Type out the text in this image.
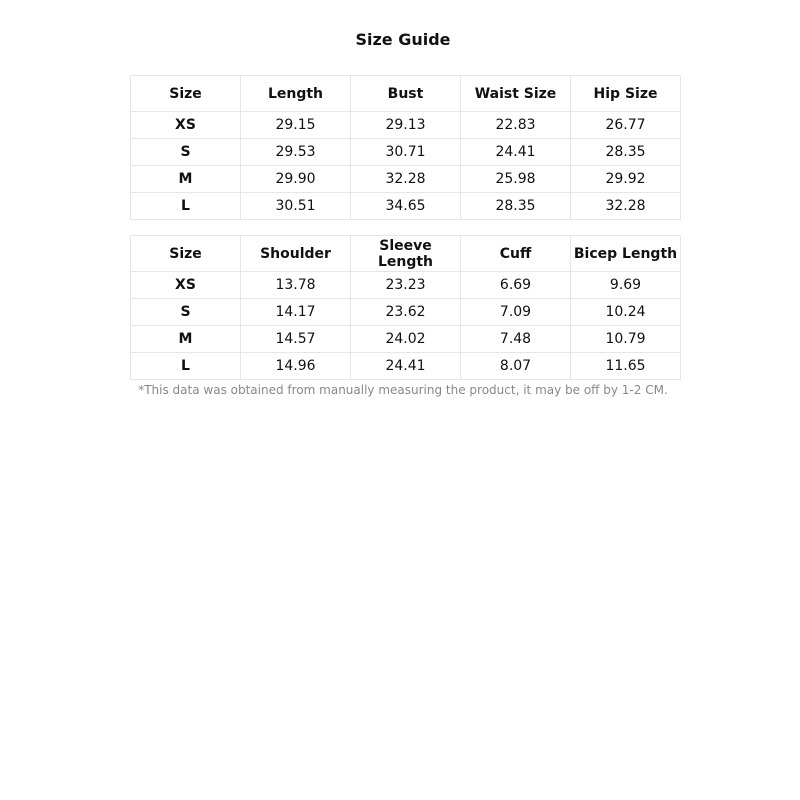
Size Guide
Size	Length	Bust	Waist Size	Hip Size
XS	29.15	29.13	22.83	26.77
S	29.53	30.71	24.41	28.35
M	29.90	32.28	25.98	29.92
L	30.51	34.65	28.35	32.28
Size	Shoulder	Sleeve Length	Cuff	Bicep Length
XS	13.78	23.23	6.69	9.69
S	14.17	23.62	7.09	10.24
M	14.57	24.02	7.48	10.79
L	14.96	24.41	8.07	11.65
*This data was obtained from manually measuring the product, it may be off by 1-2 CM.
